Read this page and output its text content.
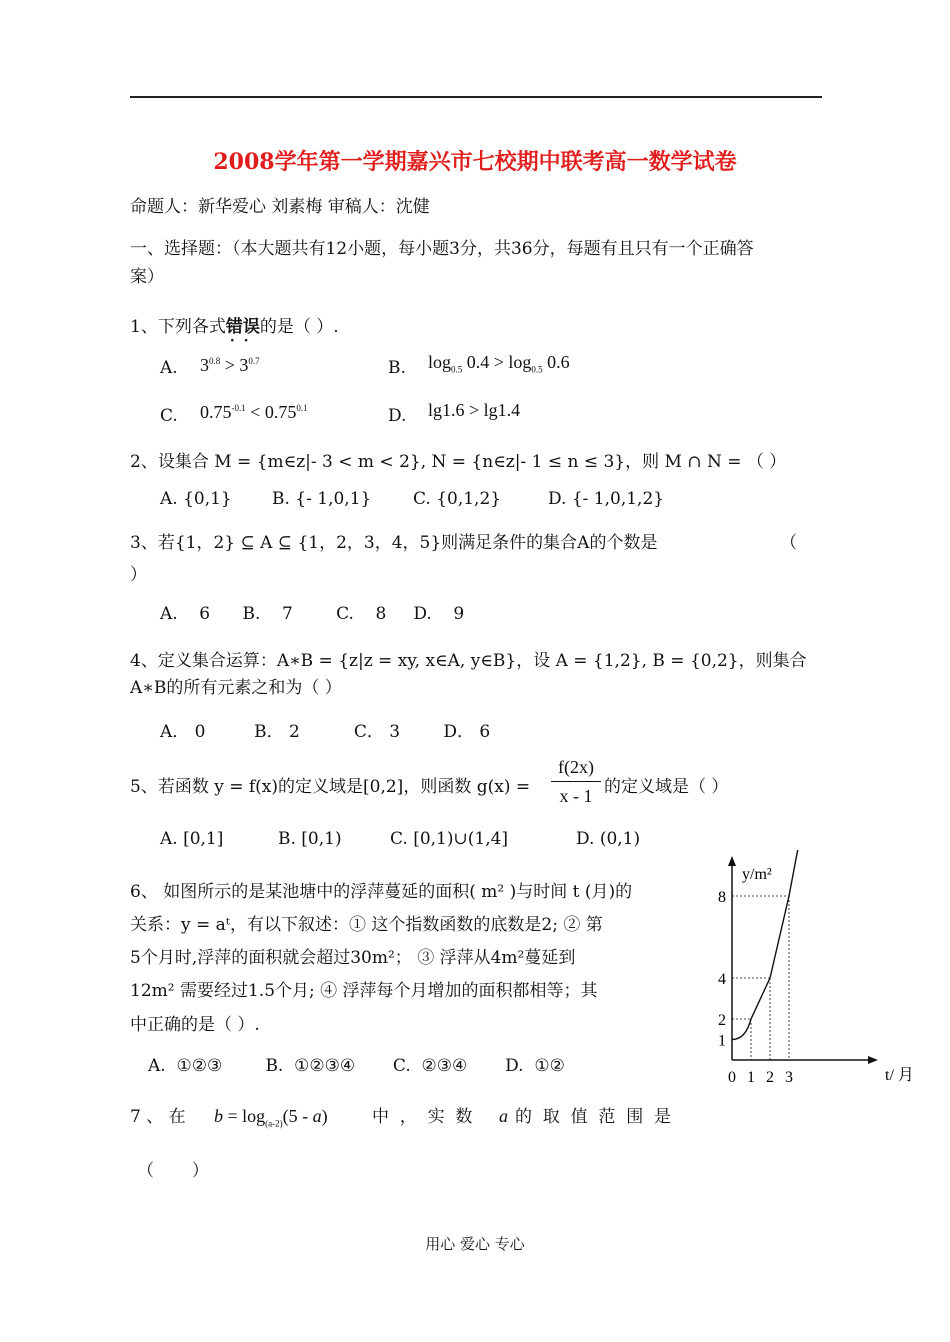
2008学年第一学期嘉兴市七校期中联考高一数学试卷
命题人：新华爱心 刘素梅 审稿人：沈健
一、选择题：（本大题共有12小题，每小题3分，共36分，每题有且只有一个正确答
案）
1、下列各式错误 · ·的是（ ）.
A. $3^{0.8} > 3^{0.7}$	B. $\log_{0.5} 0.4 > \log_{0.5} 0.6$
C. $0.75^{-0.1} < 0.75^{0.1}$	D. lg1.6 > lg1.4
2、设集合 M = {m∈z|- 3 < m < 2}, N = {n∈z|- 1 ≤ n ≤ 3}，则 M ∩ N = （ ）
A. {0,1} B. {- 1,0,1} C. {0,1,2}	D. {- 1,0,1,2}
3、若{1，2} ⊆ A ⊆ {1，2，3，4，5}则满足条件的集合A的个数是	（
）
A.    6      B.    7        C.    8     D.    9
4、定义集合运算：A∗B = {z|z = xy, x∈A, y∈B}，设 A = {1,2}, B = {0,2}，则集合
A∗B的所有元素之和为（ ）
A． 0         B． 2          C． 3        D． 6
5、若函数 y = f(x)的定义域是[0,2]，则函数 g(x) =
f(2x)
x - 1 的定义域是（ ）
A. [0,1]	B. [0,1)	C. [0,1)∪(1,4]	D. (0,1)
6、 如图所示的是某池塘中的浮萍蔓延的面积( m² )与时间 t (月)的
关系：y = aᵗ，有以下叙述：① 这个指数函数的底数是2; ② 第
5个月时,浮萍的面积就会超过30m²； ③ 浮萍从4m²蔓延到
12m² 需要经过1.5个月; ④ 浮萍每个月增加的面积都相等；其
中正确的是（ ）.
A.  ①②③        B.  ①②③④       C.  ②③④       D.  ①②
7 、 在 $b = \log_{(a-2)}(5 - a)$	中  ，  实  数 a 的  取  值  范  围  是
（       ）
0 1 2 3
1
2
4
8
y/m²
t/ 月
用心 爱心 专心
